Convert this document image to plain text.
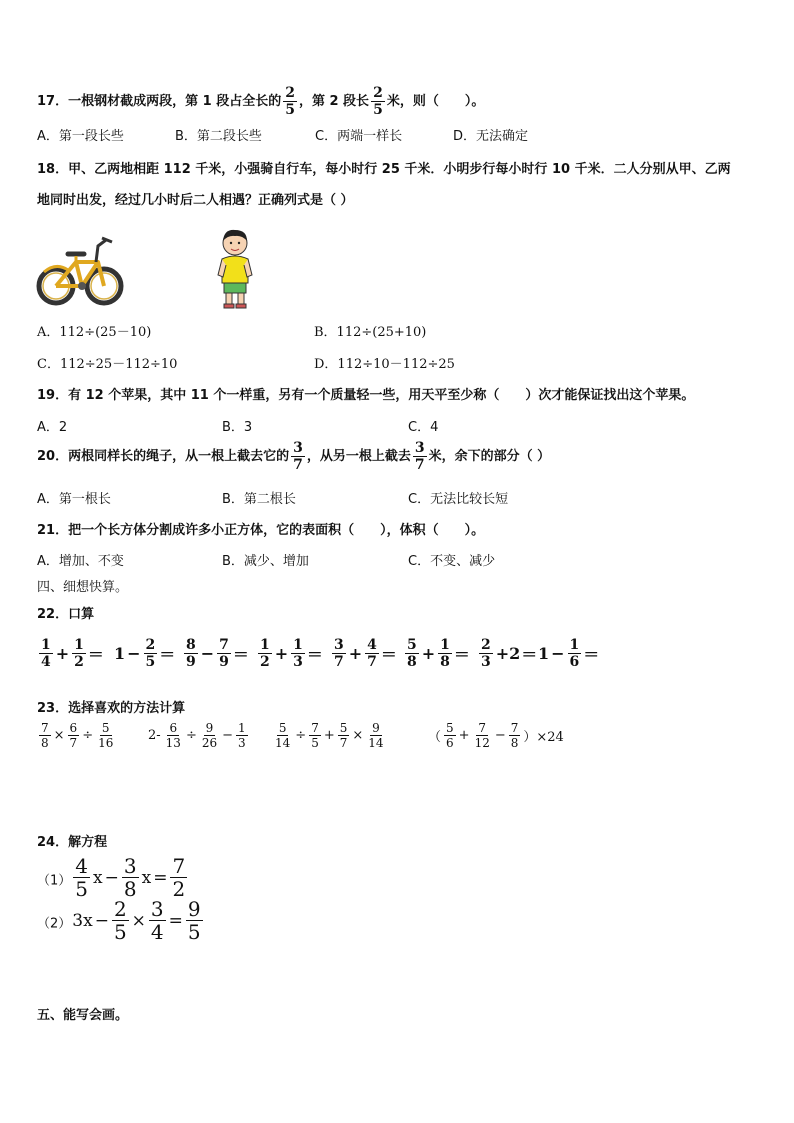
17．一根钢材截成两段，第 1 段占全长的 $\frac{2}{5}$ ，第 2 段长 $\frac{2}{5}$ 米，则（　　）。
A．第一段长些	B．第二段长些	C．两端一样长	D．无法确定
18．甲、乙两地相距 112 千米，小强骑自行车，每小时行 25 千米．小明步行每小时行 10 千米．二人分别从甲、乙两
地同时出发，经过几小时后二人相遇？正确列式是（ ）
A．112÷(25－10)	B．112÷(25+10)
C．112÷25－112÷10	D．112÷10－112÷25
19．有 12 个苹果，其中 11 个一样重，另有一个质量轻一些，用天平至少称（　　）次才能保证找出这个苹果。
A．2	B．3	C．4
20．两根同样长的绳子，从一根上截去它的 $\frac{3}{7}$ ，从另一根上截去 $\frac{3}{7}$ 米，余下的部分（ ）
A．第一根长	B．第二根长	C．无法比较长短
21．把一个长方体分割成许多小正方体，它的表面积（　　），体积（　　）。
A．增加、不变	B．减少、增加	C．不变、减少
四、细想快算。
22．口算
$\frac{1}{4} + \frac{1}{2} = 1 - \frac{2}{5} = \frac{8}{9} - \frac{7}{9} = \frac{1}{2} + \frac{1}{3} = \frac{3}{7} + \frac{4}{7} = \frac{5}{8} + \frac{1}{8} = \frac{2}{3} +2= 1 - \frac{1}{6}$ ＝
23．选择喜欢的方法计算
$\frac{7}{8} \times \frac{6}{7} \div \frac{5}{16}$	$2- \frac{6}{13} \div \frac{9}{26} - \frac{1}{3} \frac{5}{14} \div \frac{7}{5} + \frac{5}{7} \times \frac{9}{14}$	（ $\frac{5}{6} + \frac{7}{12} - \frac{7}{8} )\times 24$
24．解方程
$(1) \frac{4}{5}$ $x - \frac{3}{8}$ $x = \frac{7}{2}$
$(2)3x - \frac{2}{5} \times \frac{3}{4} = \frac{9}{5}$
五、能写会画。
